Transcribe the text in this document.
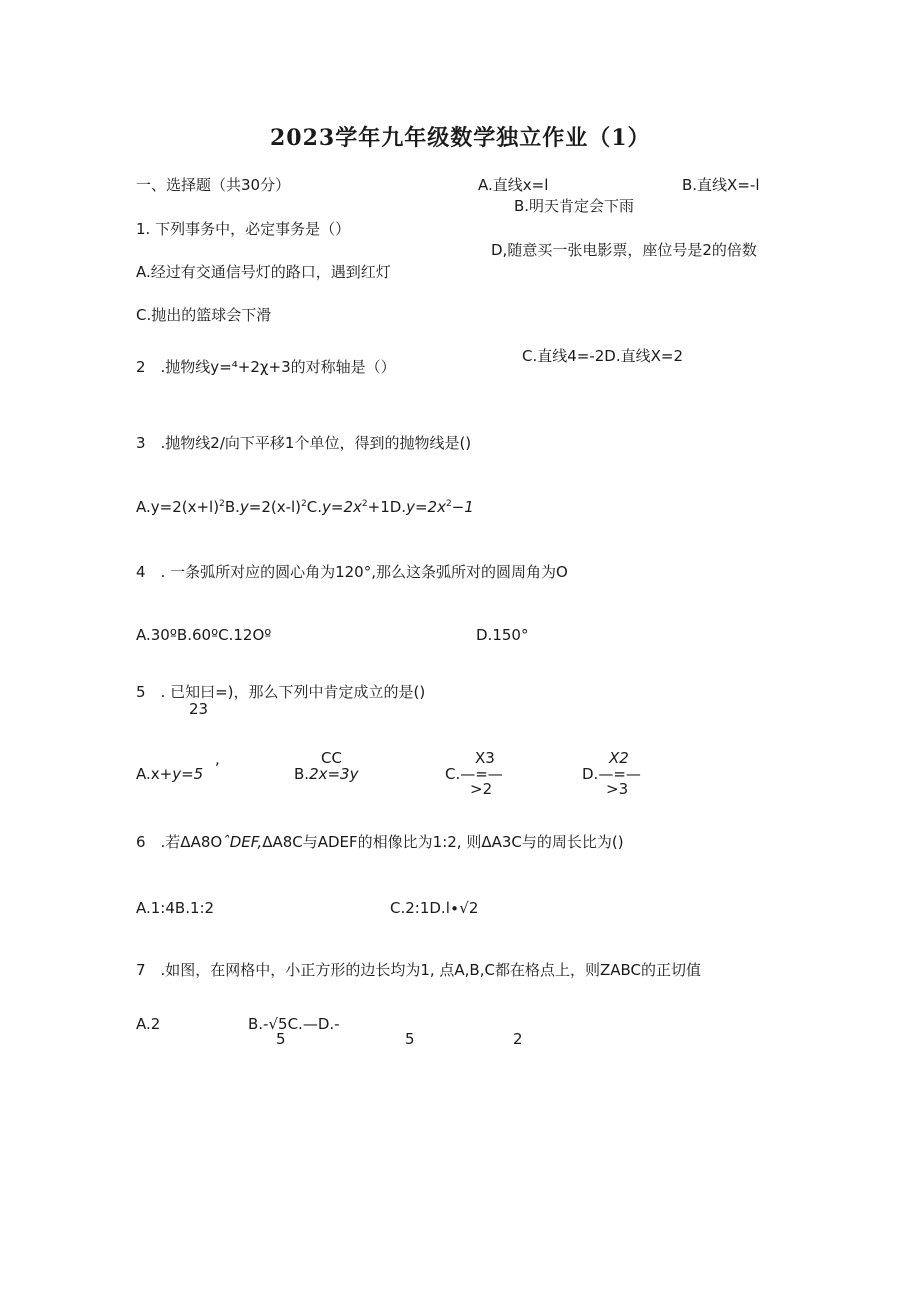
2023学年九年级数学独立作业（1）
一、选择题（共30分）
1. 下列事务中，必定事务是（）
A.经过有交通信号灯的路口，遇到红灯
B.明天肯定会下雨
C.抛出的篮球会下滑
D,随意买一张电影票，座位号是2的倍数
A.直线x=l	B.直线X=-l
2　.抛物线y=⁴+2χ+3的对称轴是（）
C.直线4=-2D.直线X=2
3　.抛物线2/向下平移1个单位，得到的抛物线是()
$A.y=2(x+l)^2B.y=2(x-l)^2C.y=2x^2+1D.y=2x^2-1$
4　. 一条弧所对应的圆心角为120°,那么这条弧所对的圆周角为O
A.30ºB.60ºC.12Oº	D.150°
5　. 已知曰=)，那么下列中肯定成立的是()
23
,
A.x+y=5
CC
B.2x=3y
X3
C.—=—
>2
X2
D.—=—
>3
6　.若ΔA8OˆDEF,ΔA8C与ADEF的相像比为1:2, 则ΔA3C与的周长比为()
A.1:4B.1:2	C.2:1D.l∙√2
7　.如图，在网格中，小正方形的边长均为1, 点A,B,C都在格点上，则ZABC的正切值
A.2	B.-√5C.—D.-
5	5	2
